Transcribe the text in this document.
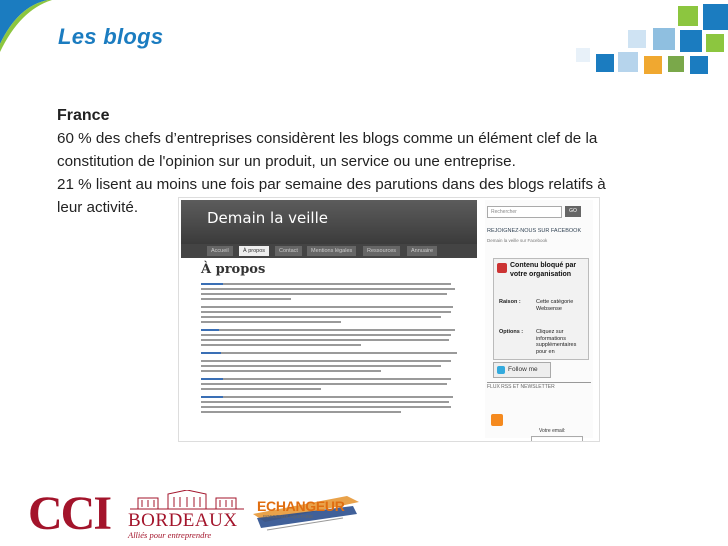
Les blogs
France
60 % des chefs d’entreprises considèrent les blogs comme un élément clef de la
constitution de l'opinion sur un produit, un service ou une entreprise.
21 % lisent au moins une fois par semaine des parutions dans des blogs relatifs à
leur activité.
Demain la veille
Accueil	À propos	Contact	Mentions légales	Ressources	Annuaire
À propos
Rechercher	GO
REJOIGNEZ-NOUS SUR FACEBOOK
Demain la veille sur Facebook
Contenu bloqué par votre organisation
Raison :	Cette catégorie Websense
Options : Cliquez sur informations supplémentaires pour en
Follow me
FLUX RSS ET NEWSLETTER
Votre email:
CCI BORDEAUX
Alliés pour entreprendre
ECHANGEUR
BORDEAUX AQUITAINE
